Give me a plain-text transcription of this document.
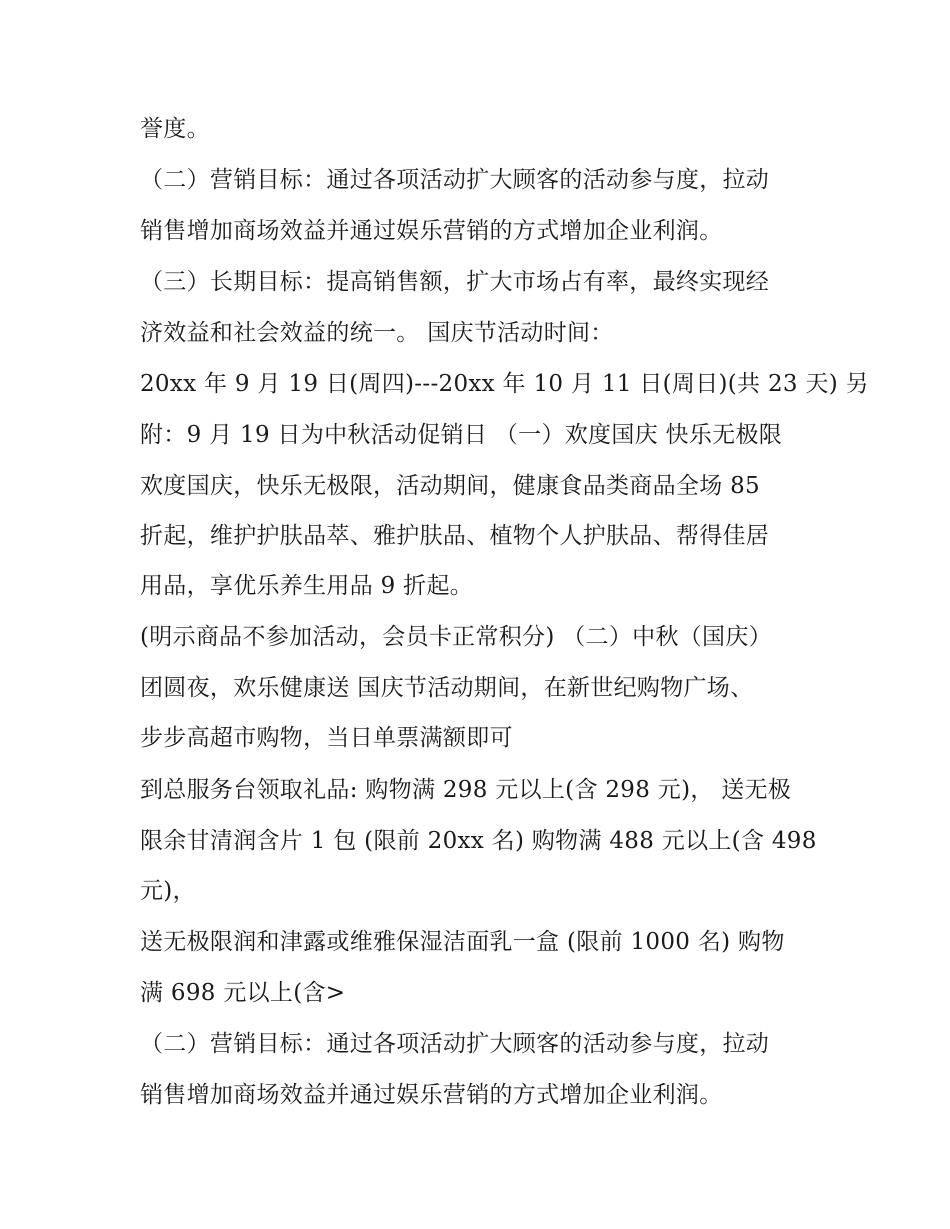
誉度。
（二）营销目标：通过各项活动扩大顾客的活动参与度，拉动
销售增加商场效益并通过娱乐营销的方式增加企业利润。
（三）长期目标：提高销售额，扩大市场占有率，最终实现经
济效益和社会效益的统一。 国庆节活动时间：
20xx 年 9 月 19 日(周四)---20xx 年 10 月 11 日(周日)(共 23 天) 另
附：9 月 19 日为中秋活动促销日 （一）欢度国庆 快乐无极限
欢度国庆，快乐无极限，活动期间，健康食品类商品全场 85
折起，维护护肤品萃、雅护肤品、植物个人护肤品、帮得佳居
用品，享优乐养生用品 9 折起。
(明示商品不参加活动，会员卡正常积分) （二）中秋（国庆）
团圆夜，欢乐健康送 国庆节活动期间，在新世纪购物广场、
步步高超市购物，当日单票满额即可
到总服务台领取礼品: 购物满 298 元以上(含 298 元)， 送无极
限余甘清润含片 1 包 (限前 20xx 名) 购物满 488 元以上(含 498
元)，
送无极限润和津露或维雅保湿洁面乳一盒 (限前 1000 名) 购物
满 698 元以上(含>
（二）营销目标：通过各项活动扩大顾客的活动参与度，拉动
销售增加商场效益并通过娱乐营销的方式增加企业利润。
